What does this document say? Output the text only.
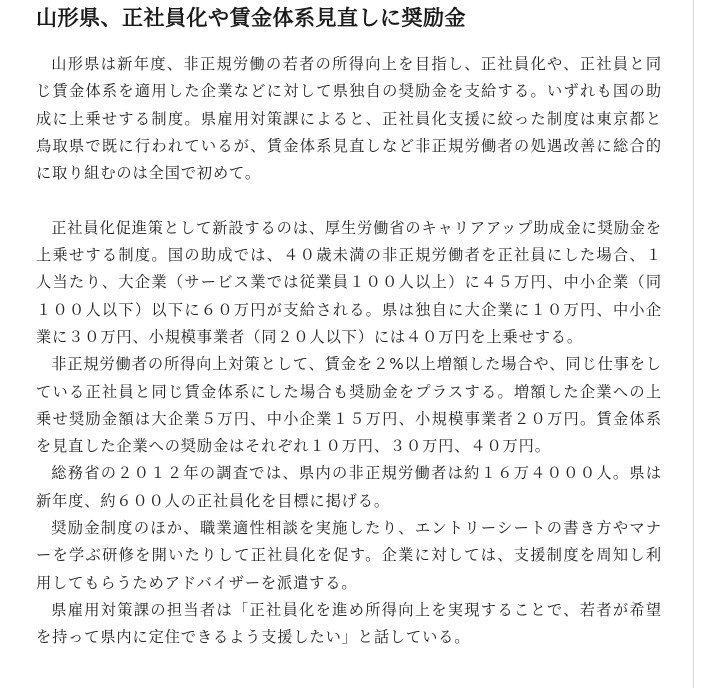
山形県、正社員化や賃金体系見直しに奨励金

山形県は新年度、非正規労働の若者の所得向上を目指し、正社員化や、正社員と同じ賃金体系を適用した企業などに対して県独自の奨励金を支給する。いずれも国の助成に上乗せする制度。県雇用対策課によると、正社員化支援に絞った制度は東京都と鳥取県で既に行われているが、賃金体系見直しなど非正規労働者の処遇改善に総合的に取り組むのは全国で初めて。

正社員化促進策として新設するのは、厚生労働省のキャリアアップ助成金に奨励金を上乗せする制度。国の助成では、４０歳未満の非正規労働者を正社員にした場合、１人当たり、大企業（サービス業では従業員１００人以上）に４５万円、中小企業（同１００人以下）以下に６０万円が支給される。県は独自に大企業に１０万円、中小企業に３０万円、小規模事業者（同２０人以下）には４０万円を上乗せする。

非正規労働者の所得向上対策として、賃金を２%以上増額した場合や、同じ仕事をしている正社員と同じ賃金体系にした場合も奨励金をプラスする。増額した企業への上乗せ奨励金額は大企業５万円、中小企業１５万円、小規模事業者２０万円。賃金体系を見直した企業への奨励金はそれぞれ１０万円、３０万円、４０万円。

総務省の２０１２年の調査では、県内の非正規労働者は約１６万４０００人。県は新年度、約６００人の正社員化を目標に掲げる。

奨励金制度のほか、職業適性相談を実施したり、エントリーシートの書き方やマナーを学ぶ研修を開いたりして正社員化を促す。企業に対しては、支援制度を周知し利用してもらうためアドバイザーを派遣する。

県雇用対策課の担当者は「正社員化を進め所得向上を実現することで、若者が希望を持って県内に定住できるよう支援したい」と話している。
